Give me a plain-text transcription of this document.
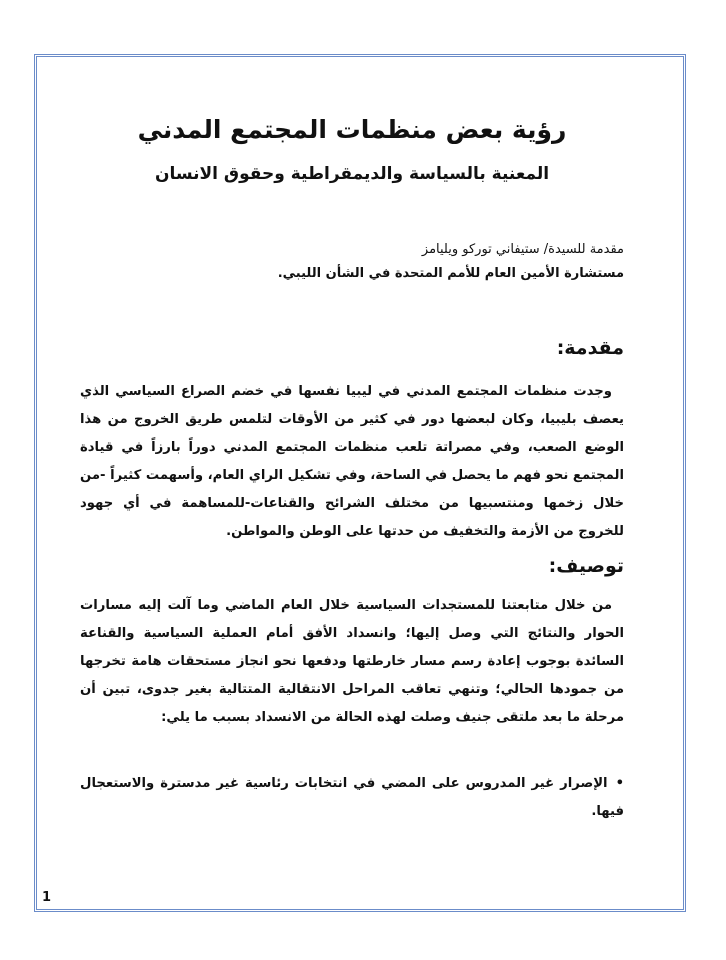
رؤية بعض منظمات المجتمع المدني
المعنية بالسياسة والديمقراطية وحقوق الانسان
مقدمة للسيدة/ ستيفاني توركو ويليامز
مستشارة الأمين العام للأمم المتحدة في الشأن الليبي.
مقدمة:

وجدت منظمات المجتمع المدني في ليبيا نفسها في خضم الصراع السياسي الذي يعصف بليبيا، وكان لبعضها دور في كثير من الأوقات لتلمس طريق الخروج من هذا الوضع الصعب، وفي مصراتة تلعب منظمات المجتمع المدني دوراً بارزاً في قيادة المجتمع نحو فهم ما يحصل في الساحة، وفي تشكيل الراي العام، وأسهمت كثيراً -من خلال زخمها ومنتسبيها من مختلف الشرائح والقناعات-للمساهمة في أي جهود للخروج من الأزمة والتخفيف من حدتها على الوطن والمواطن.

توصيف:

من خلال متابعتنا للمستجدات السياسية خلال العام الماضي وما آلت إليه مسارات الحوار والنتائج التي وصل إليها؛ وانسداد الأفق أمام العملية السياسية والقناعة السائدة بوجوب إعادة رسم مسار خارطتها ودفعها نحو انجاز مستحقات هامة تخرجها من جمودها الحالي؛ وتنهي تعاقب المراحل الانتقالية المتتالية بغير جدوى، تبين أن مرحلة ما بعد ملتقى جنيف وصلت لهذه الحالة من الانسداد بسبب ما يلي:

•الإصرار غير المدروس على المضي في انتخابات رئاسية غير مدسترة والاستعجال فيها.
1
